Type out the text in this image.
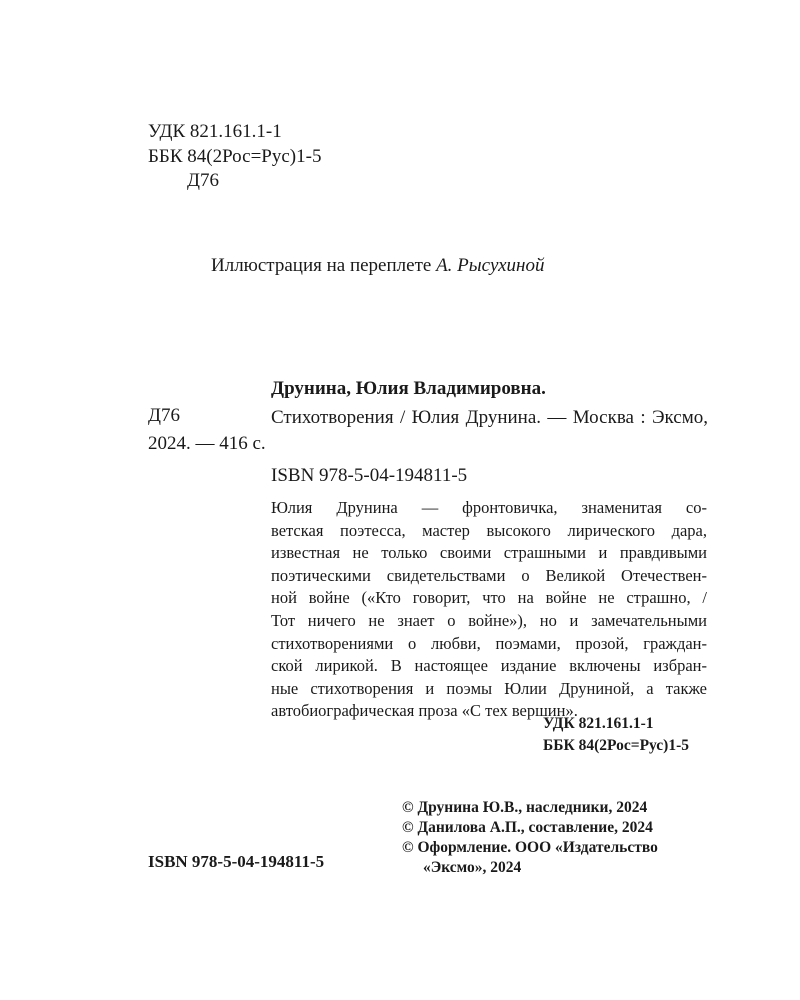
УДК 821.161.1-1
ББК 84(2Рос=Рус)1-5
Д76
Иллюстрация на переплете А. Рысухиной
Друнина, Юлия Владимировна.
Д76	Стихотворения / Юлия Друнина. — Москва : Эксмо, 2024. — 416 с.
ISBN 978-5-04-194811-5
Юлия Друнина — фронтовичка, знаменитая со-
ветская поэтесса, мастер высокого лирического дара,
известная не только своими страшными и правдивыми
поэтическими свидетельствами о Великой Отечествен-
ной войне («Кто говорит, что на войне не страшно, /
Тот ничего не знает о войне»), но и замечательными
стихотворениями о любви, поэмами, прозой, граждан-
ской лирикой. В настоящее издание включены избран-
ные стихотворения и поэмы Юлии Друниной, а также
автобиографическая проза «С тех вершин».
УДК 821.161.1-1
ББК 84(2Рос=Рус)1-5
ISBN 978-5-04-194811-5
© Друнина Ю.В., наследники, 2024
© Данилова А.П., составление, 2024
© Оформление. ООО «Издательство
«Эксмо», 2024
